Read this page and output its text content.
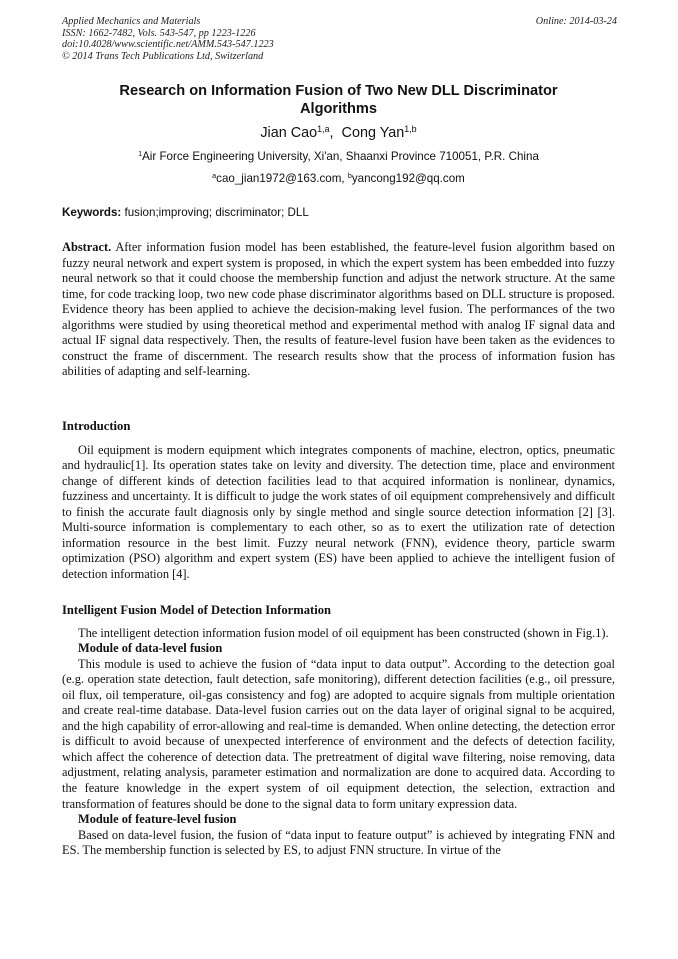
Applied Mechanics and Materials
ISSN: 1662-7482, Vols. 543-547, pp 1223-1226
doi:10.4028/www.scientific.net/AMM.543-547.1223
© 2014 Trans Tech Publications Ltd, Switzerland
Online: 2014-03-24
Research on Information Fusion of Two New DLL Discriminator
Algorithms
Jian Cao$^{1,a}$,  Cong Yan$^{1,b}$
$^1$Air Force Engineering University, Xi'an, Shaanxi Province 710051, P.R. China
$^a$cao_jian1972@163.com, $^b$yancong192@qq.com
Keywords: fusion;improving; discriminator; DLL
Abstract. After information fusion model has been established, the feature-level fusion algorithm based on fuzzy neural network and expert system is proposed, in which the expert system has been embedded into fuzzy neural network so that it could choose the membership function and adjust the network structure. At the same time, for code tracking loop, two new code phase discriminator algorithms based on DLL structure is proposed. Evidence theory has been applied to achieve the decision-making level fusion. The performances of the two algorithms were studied by using theoretical method and experimental method with analog IF signal data and actual IF signal data respectively. Then, the results of feature-level fusion have been taken as the evidences to construct the frame of discernment. The research results show that the process of information fusion has abilities of adapting and self-learning.
Introduction

Oil equipment is modern equipment which integrates components of machine, electron, optics, pneumatic and hydraulic[1]. Its operation states take on levity and diversity. The detection time, place and environment change of different kinds of detection facilities lead to that acquired information is nonlinear, dynamics, fuzziness and uncertainty. It is difficult to judge the work states of oil equipment comprehensively and difficult to finish the accurate fault diagnosis only by single method and single source detection information [2] [3]. Multi-source information is complementary to each other, so as to exert the utilization rate of detection information resource in the best limit. Fuzzy neural network (FNN), evidence theory, particle swarm optimization (PSO) algorithm and expert system (ES) have been applied to achieve the intelligent fusion of detection information [4].

Intelligent Fusion Model of Detection Information

The intelligent detection information fusion model of oil equipment has been constructed (shown in Fig.1).

Module of data-level fusion

This module is used to achieve the fusion of “data input to data output”. According to the detection goal (e.g. operation state detection, fault detection, safe monitoring), different detection facilities (e.g., oil pressure, oil flux, oil temperature, oil-gas consistency and fog) are adopted to acquire signals from multiple orientation and create real-time database. Data-level fusion carries out on the data layer of original signal to be acquired, and the high capability of error-allowing and real-time is demanded. When online detecting, the detection error is difficult to avoid because of unexpected interference of environment and the defects of detection facility, which affect the coherence of detection data. The pretreatment of digital wave filtering, noise removing, data adjustment, relating analysis, parameter estimation and normalization are done to acquired data. According to the feature knowledge in the expert system of oil equipment detection, the selection, extraction and transformation of features should be done to the signal data to form unitary expression data.

Module of feature-level fusion

Based on data-level fusion, the fusion of “data input to feature output” is achieved by integrating FNN and ES. The membership function is selected by ES, to adjust FNN structure. In virtue of the
